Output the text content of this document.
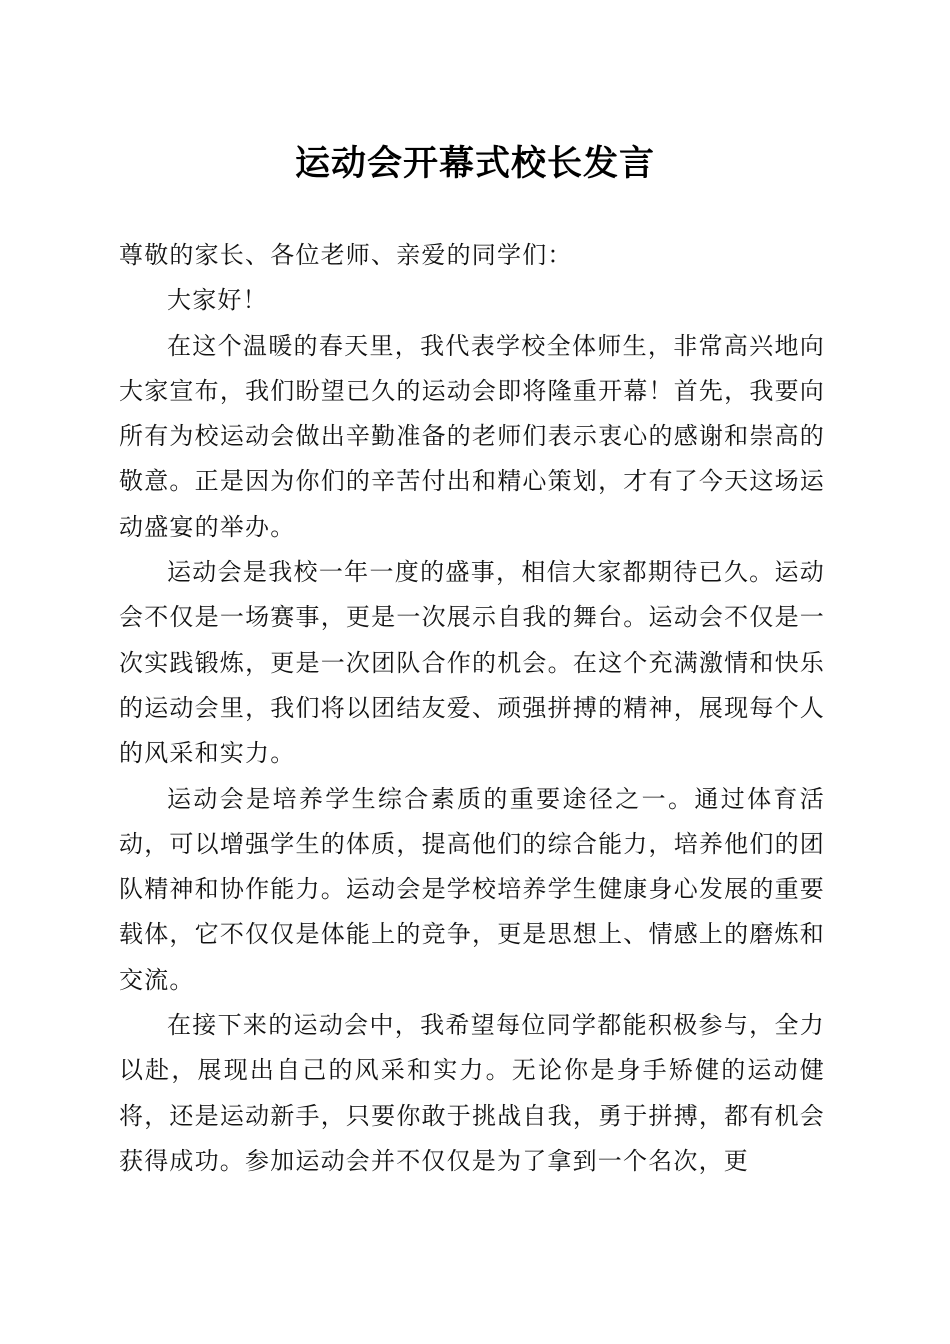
运动会开幕式校长发言

尊敬的家长、各位老师、亲爱的同学们：

大家好！

在这个温暖的春天里，我代表学校全体师生，非常高兴地向大家宣布，我们盼望已久的运动会即将隆重开幕！首先，我要向所有为校运动会做出辛勤准备的老师们表示衷心的感谢和崇高的敬意。正是因为你们的辛苦付出和精心策划，才有了今天这场运动盛宴的举办。

运动会是我校一年一度的盛事，相信大家都期待已久。运动会不仅是一场赛事，更是一次展示自我的舞台。运动会不仅是一次实践锻炼，更是一次团队合作的机会。在这个充满激情和快乐的运动会里，我们将以团结友爱、顽强拼搏的精神，展现每个人的风采和实力。

运动会是培养学生综合素质的重要途径之一。通过体育活动，可以增强学生的体质，提高他们的综合能力，培养他们的团队精神和协作能力。运动会是学校培养学生健康身心发展的重要载体，它不仅仅是体能上的竞争，更是思想上、情感上的磨炼和交流。

在接下来的运动会中，我希望每位同学都能积极参与，全力以赴，展现出自己的风采和实力。无论你是身手矫健的运动健将，还是运动新手，只要你敢于挑战自我，勇于拼搏，都有机会获得成功。参加运动会并不仅仅是为了拿到一个名次，更
